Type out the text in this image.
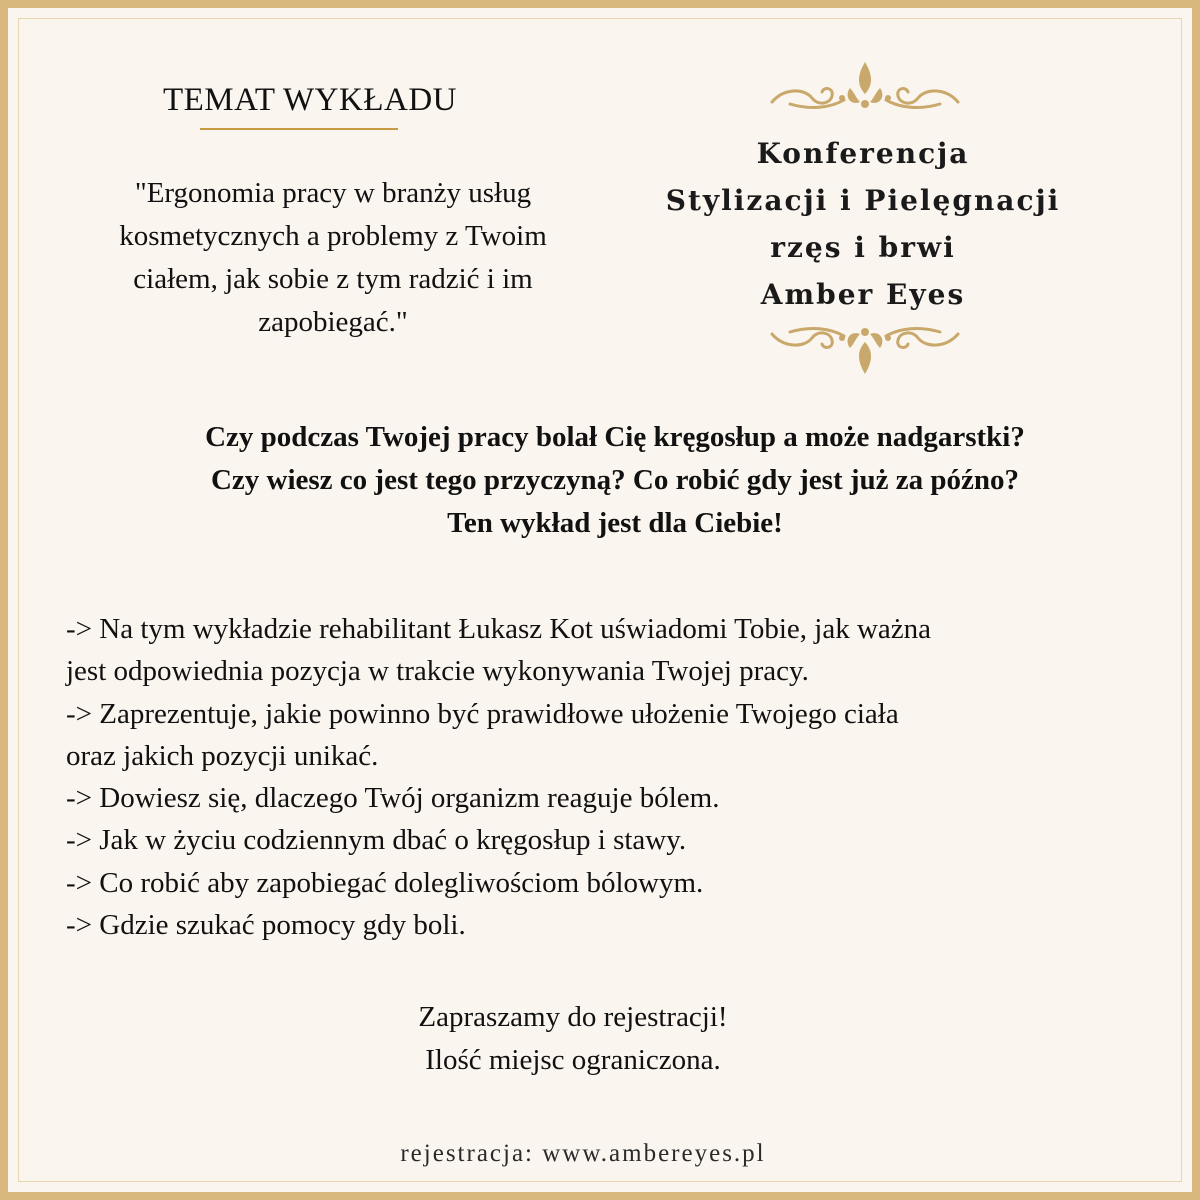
TEMAT WYKŁADU
"Ergonomia pracy w branży usług
kosmetycznych a problemy z Twoim
ciałem, jak sobie z tym radzić i im
zapobiegać."
Konferencja
Stylizacji i Pielęgnacji
rzęs i brwi
Amber Eyes
Czy podczas Twojej pracy bolał Cię kręgosłup a może nadgarstki?
Czy wiesz co jest tego przyczyną? Co robić gdy jest już za późno?
Ten wykład jest dla Ciebie!
-> Na tym wykładzie rehabilitant Łukasz Kot uświadomi Tobie, jak ważna
jest odpowiednia pozycja w trakcie wykonywania Twojej pracy.
-> Zaprezentuje, jakie powinno być prawidłowe ułożenie Twojego ciała
oraz jakich pozycji unikać.
-> Dowiesz się, dlaczego Twój organizm reaguje bólem.
-> Jak w życiu codziennym dbać o kręgosłup i stawy.
-> Co robić aby zapobiegać dolegliwościom bólowym.
-> Gdzie szukać pomocy gdy boli.
Zapraszamy do rejestracji!
Ilość miejsc ograniczona.
rejestracja: www.ambereyes.pl
